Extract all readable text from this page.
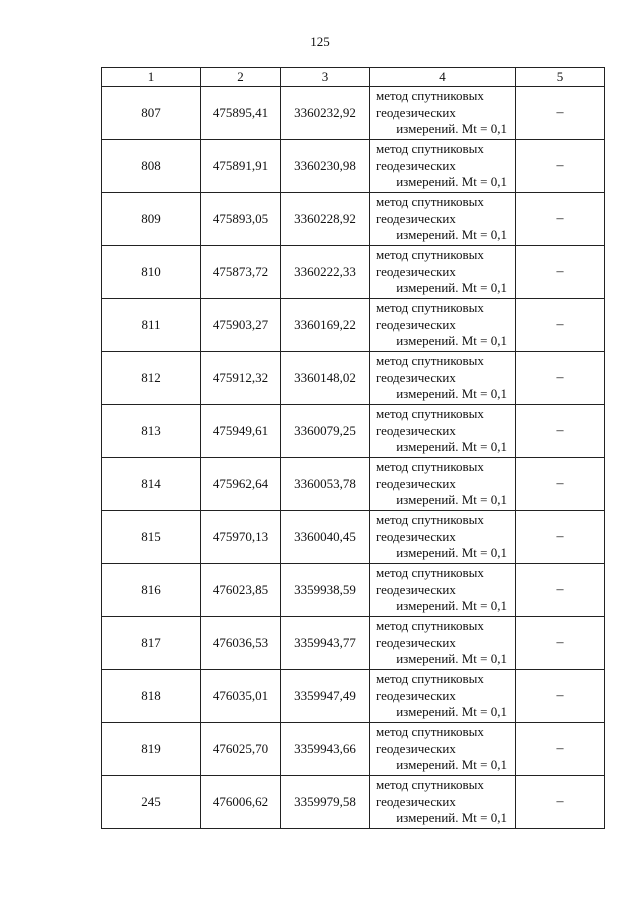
125
1	2	3	4	5
807	475895,41	3360232,92	метод спутниковых
геодезических
измерений. Mt = 0,1	–
808	475891,91	3360230,98	метод спутниковых
геодезических
измерений. Mt = 0,1	–
809	475893,05	3360228,92	метод спутниковых
геодезических
измерений. Mt = 0,1	–
810	475873,72	3360222,33	метод спутниковых
геодезических
измерений. Mt = 0,1	–
811	475903,27	3360169,22	метод спутниковых
геодезических
измерений. Mt = 0,1	–
812	475912,32	3360148,02	метод спутниковых
геодезических
измерений. Mt = 0,1	–
813	475949,61	3360079,25	метод спутниковых
геодезических
измерений. Mt = 0,1	–
814	475962,64	3360053,78	метод спутниковых
геодезических
измерений. Mt = 0,1	–
815	475970,13	3360040,45	метод спутниковых
геодезических
измерений. Mt = 0,1	–
816	476023,85	3359938,59	метод спутниковых
геодезических
измерений. Mt = 0,1	–
817	476036,53	3359943,77	метод спутниковых
геодезических
измерений. Mt = 0,1	–
818	476035,01	3359947,49	метод спутниковых
геодезических
измерений. Mt = 0,1	–
819	476025,70	3359943,66	метод спутниковых
геодезических
измерений. Mt = 0,1	–
245	476006,62	3359979,58	метод спутниковых
геодезических
измерений. Mt = 0,1	–
